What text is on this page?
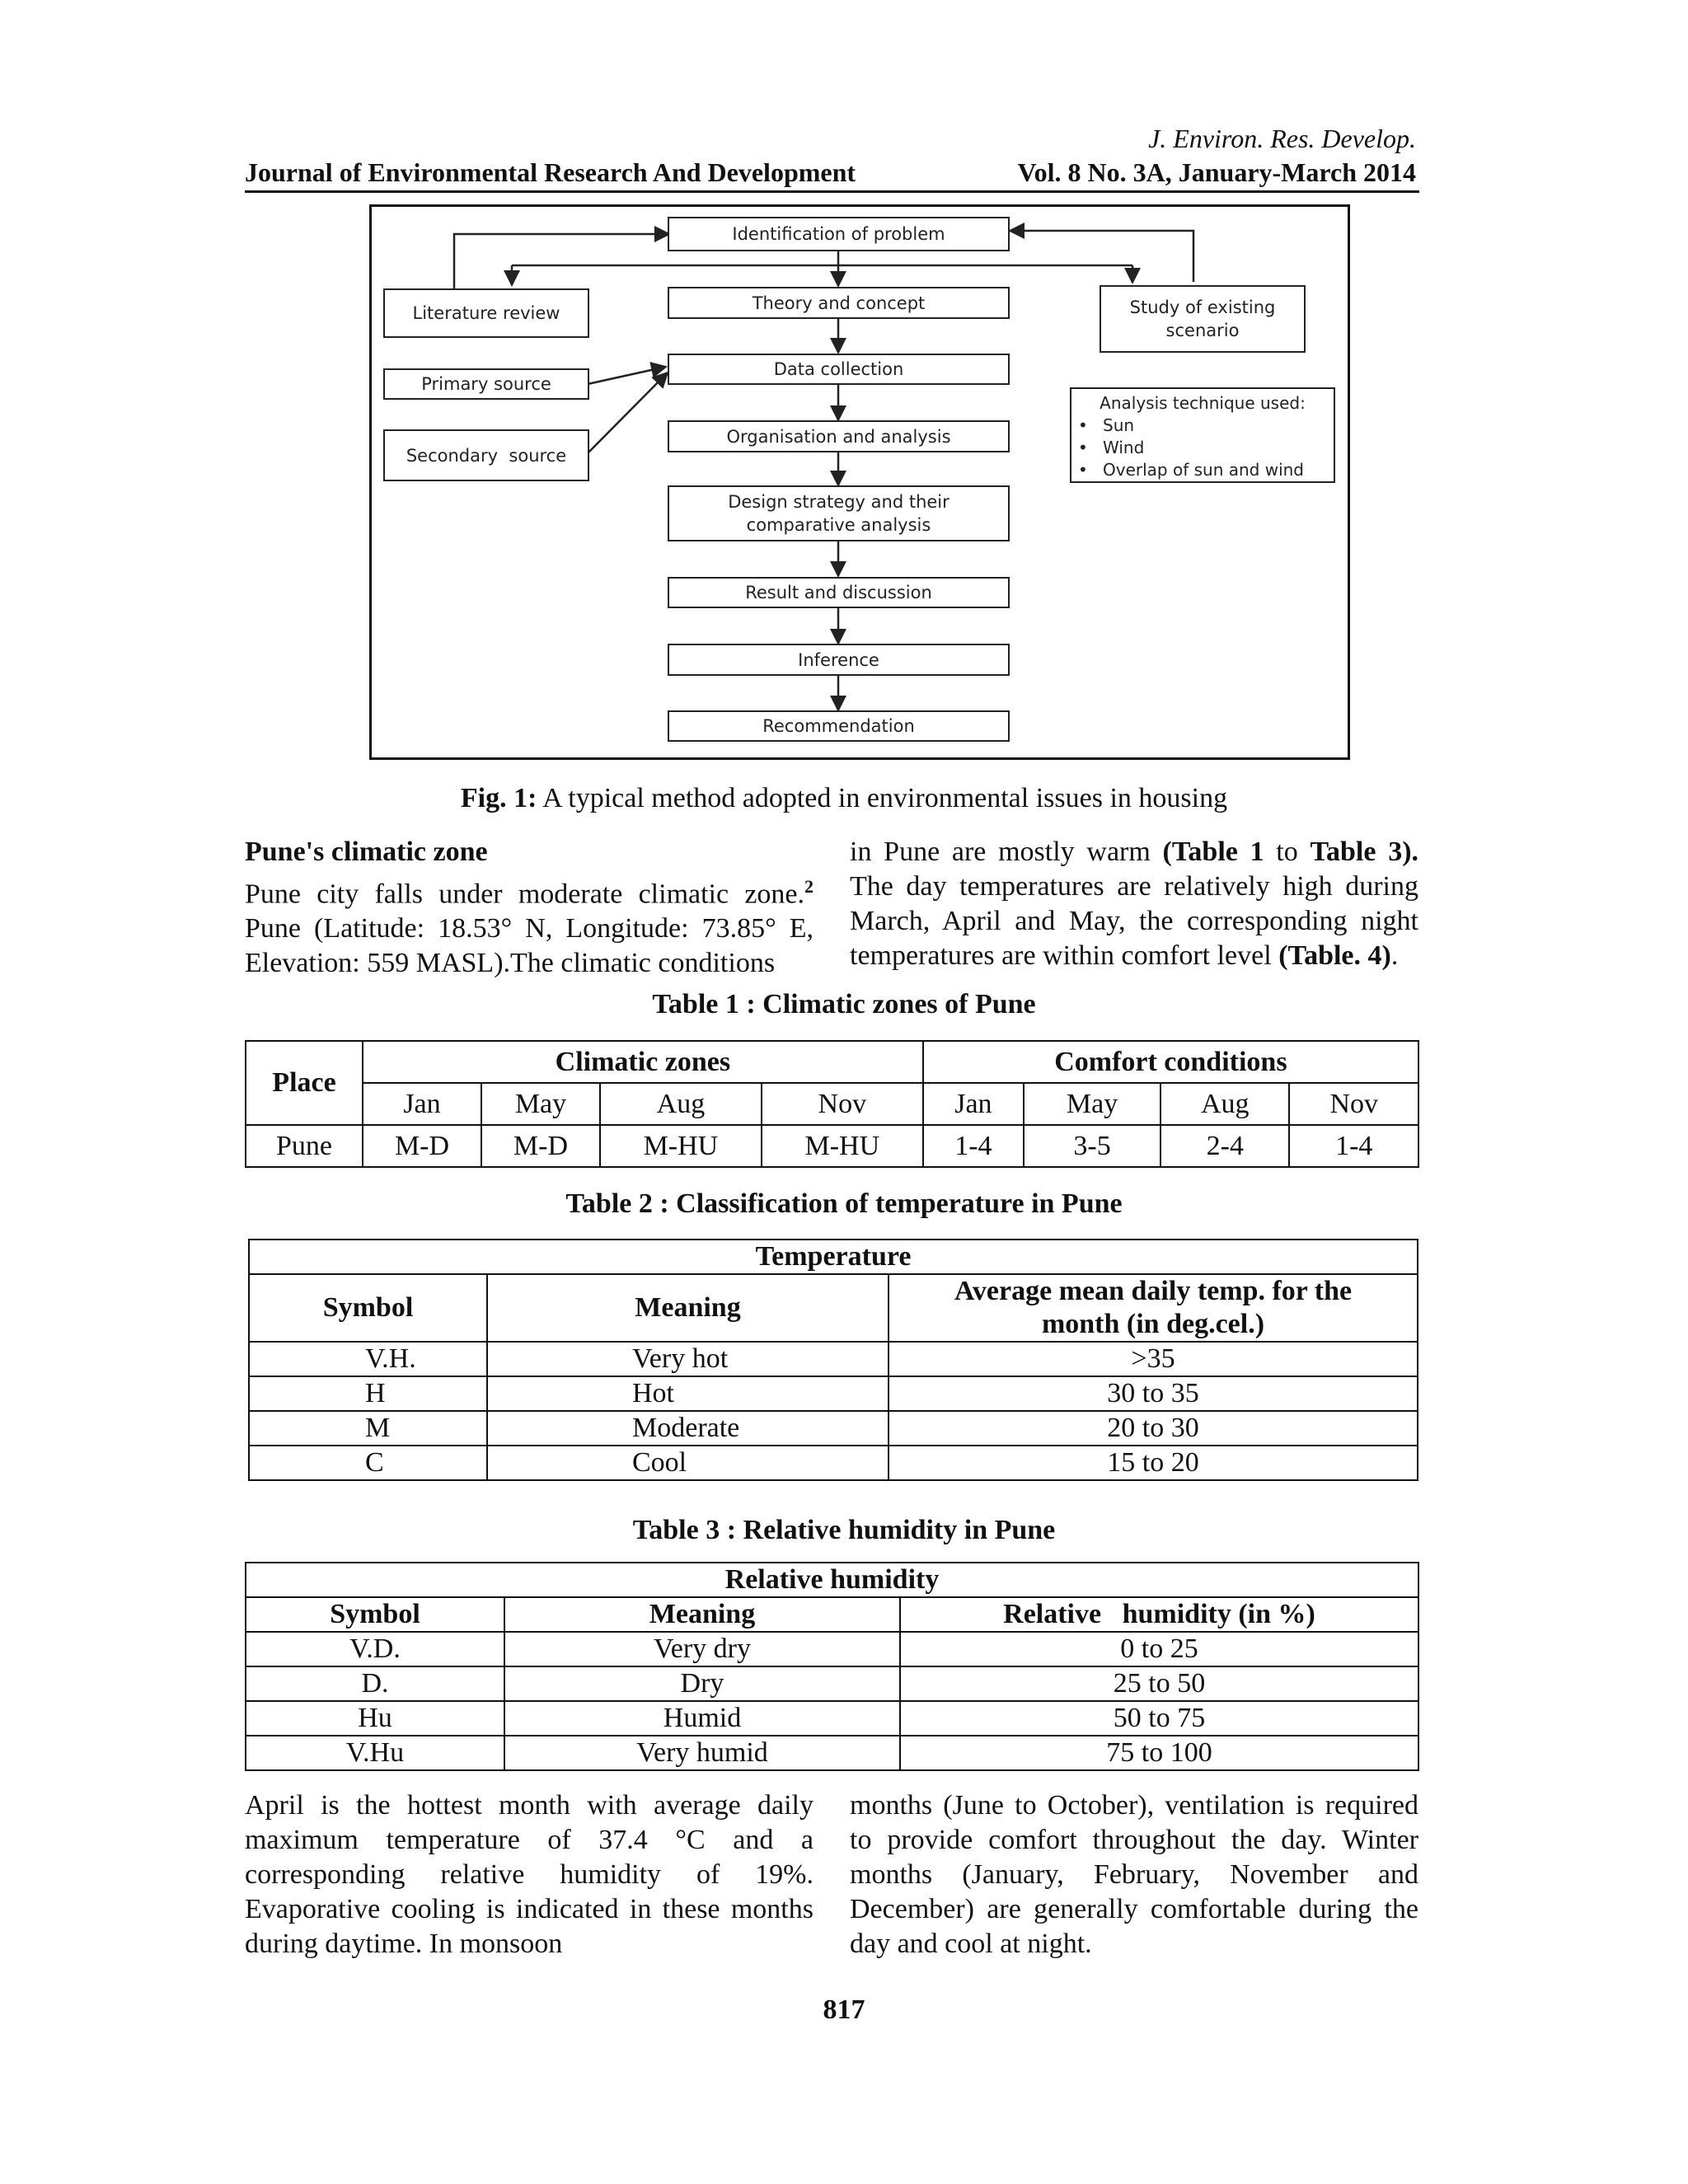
J. Environ. Res. Develop.
Journal of Environmental Research And Development	Vol. 8 No. 3A, January-March 2014
Identification of problem
Theory and concept
Data collection
Organisation and analysis
Design strategy and their comparative analysis
Result and discussion
Inference
Recommendation
Literature review
Primary source
Secondary  source
Study of existing scenario
Analysis technique used:
• Sun
• Wind
• Overlap of sun and wind
Fig. 1: A typical method adopted in environmental issues in housing

Pune's climatic zone

Pune city falls under moderate climatic zone.$^2$ Pune (Latitude: 18.53° N, Longitude: 73.85° E, Elevation: 559 MASL).The climatic conditions

in Pune are mostly warm (Table 1 to Table 3). The day temperatures are relatively high during March, April and May, the corresponding night temperatures are within comfort level (Table. 4).

Table 1 : Climatic zones of Pune
Place	Climatic zones				Comfort conditions			
	Jan	May	Aug	Nov	Jan	May	Aug	Nov
Pune	M-D	M-D	M-HU	M-HU	1-4	3-5	2-4	1-4
Table 2 : Classification of temperature in Pune
Temperature		
Symbol	Meaning	Average mean daily temp. for the month (in deg.cel.)
V.H.	Very hot	>35
H	Hot	30 to 35
M	Moderate	20 to 30
C	Cool	15 to 20
Table 3 : Relative humidity in Pune
Relative humidity		
Symbol	Meaning	Relative   humidity (in %)
V.D.	Very dry	0 to 25
D.	Dry	25 to 50
Hu	Humid	50 to 75
V.Hu	Very humid	75 to 100

April is the hottest month with average daily maximum temperature of 37.4 °C and a corresponding relative humidity of 19%. Evaporative cooling is indicated in these months during daytime. In monsoon

months (June to October), ventilation is required to provide comfort throughout the day. Winter months (January, February, November and December) are generally comfortable during the day and cool at night.

817
